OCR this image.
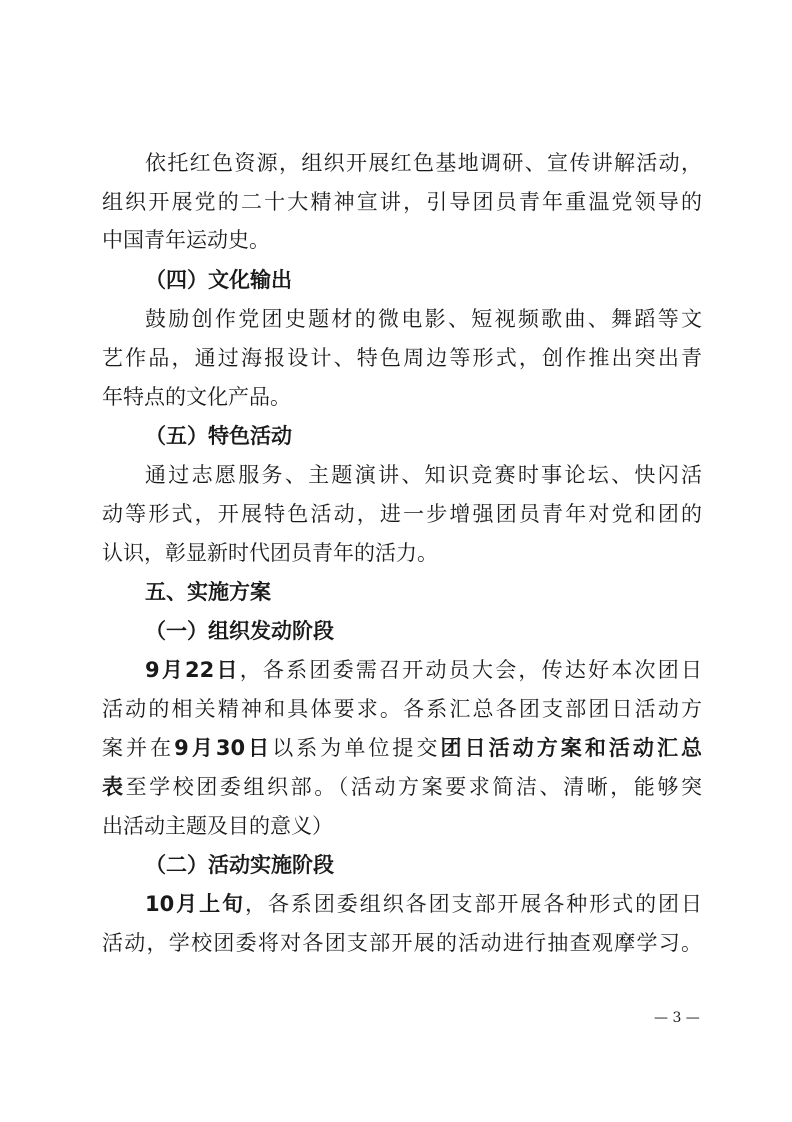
依托红色资源，组织开展红色基地调研、宣传讲解活动，
组织开展党的二十大精神宣讲，引导团员青年重温党领导的
中国青年运动史。
（四）文化输出
鼓励创作党团史题材的微电影、短视频歌曲、舞蹈等文
艺作品，通过海报设计、特色周边等形式，创作推出突出青
年特点的文化产品。
（五）特色活动
通过志愿服务、主题演讲、知识竞赛时事论坛、快闪活
动等形式，开展特色活动，进一步增强团员青年对党和团的
认识，彰显新时代团员青年的活力。
五、实施方案
（一）组织发动阶段
9月22日，各系团委需召开动员大会，传达好本次团日
活动的相关精神和具体要求。各系汇总各团支部团日活动方
案并在9月30日以系为单位提交团日活动方案和活动汇总
表至学校团委组织部。（活动方案要求简洁、清晰，能够突
出活动主题及目的意义）
（二）活动实施阶段
10月上旬，各系团委组织各团支部开展各种形式的团日
活动，学校团委将对各团支部开展的活动进行抽查观摩学习。
— 3 —
